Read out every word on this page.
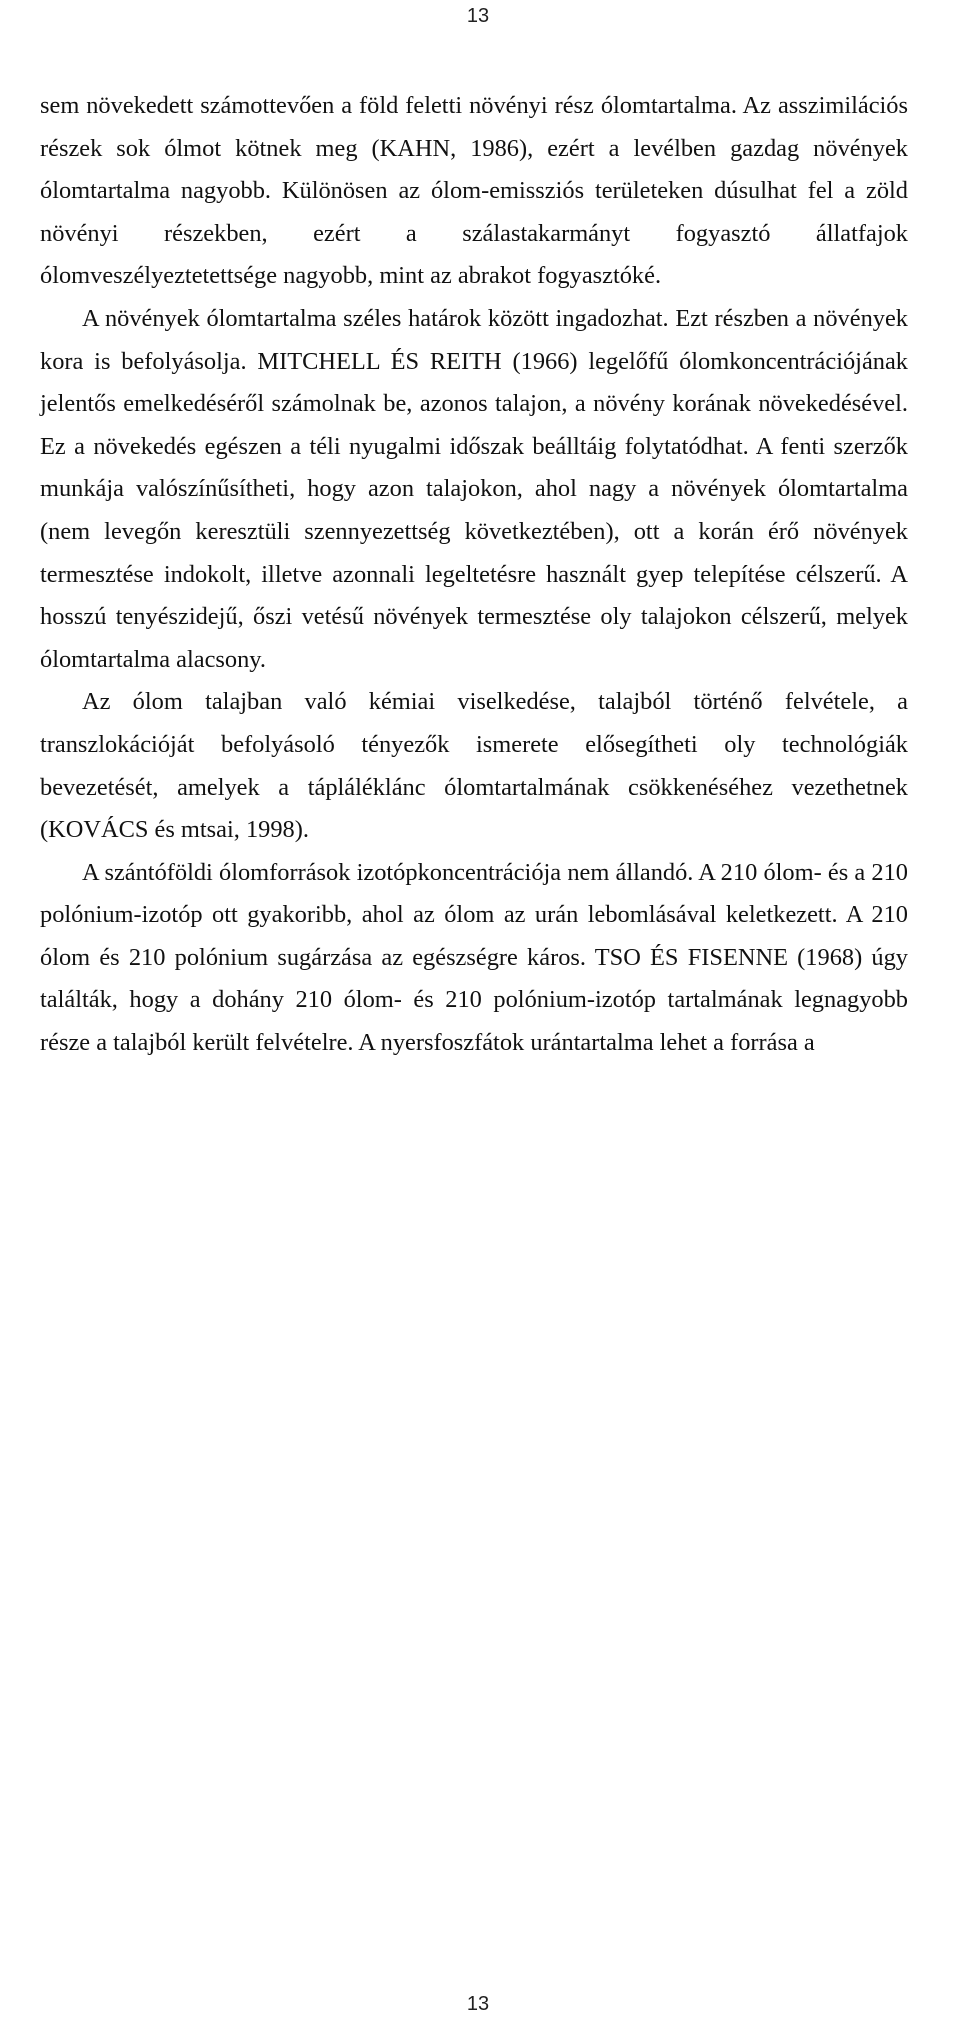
13

sem növekedett számottevően a föld feletti növényi rész ólomtartalma. Az asszimilációs részek sok ólmot kötnek meg (KAHN, 1986), ezért a levélben gazdag növények ólomtartalma nagyobb. Különösen az ólom-emissziós területeken dúsulhat fel a zöld növényi részekben, ezért a szálastakarmányt fogyasztó állatfajok ólomveszélyeztetettsége nagyobb, mint az abrakot fogyasztóké.

A növények ólomtartalma széles határok között ingadozhat. Ezt részben a növények kora is befolyásolja. MITCHELL ÉS REITH (1966) legelőfű ólomkoncentrációjának jelentős emelkedéséről számolnak be, azonos talajon, a növény korának növekedésével. Ez a növekedés egészen a téli nyugalmi időszak beálltáig folytatódhat. A fenti szerzők munkája valószínűsítheti, hogy azon talajokon, ahol nagy a növények ólomtartalma (nem levegőn keresztüli szennyezettség következtében), ott a korán érő növények termesztése indokolt, illetve azonnali legeltetésre használt gyep telepítése célszerű. A hosszú tenyészidejű, őszi vetésű növények termesztése oly talajokon célszerű, melyek ólomtartalma alacsony.

Az ólom talajban való kémiai viselkedése, talajból történő felvétele, a transzlokációját befolyásoló tényezők ismerete elősegítheti oly technológiák bevezetését, amelyek a tápláléklánc ólomtartalmának csökkenéséhez vezethetnek (KOVÁCS és mtsai, 1998).

A szántóföldi ólomforrások izotópkoncentrációja nem állandó. A 210 ólom- és a 210 polónium-izotóp ott gyakoribb, ahol az ólom az urán lebomlásával keletkezett. A 210 ólom és 210 polónium sugárzása az egészségre káros. TSO ÉS FISENNE (1968) úgy találták, hogy a dohány 210 ólom- és 210 polónium-izotóp tartalmának legnagyobb része a talajból került felvételre. A nyersfoszfátok urántartalma lehet a forrása a

13
